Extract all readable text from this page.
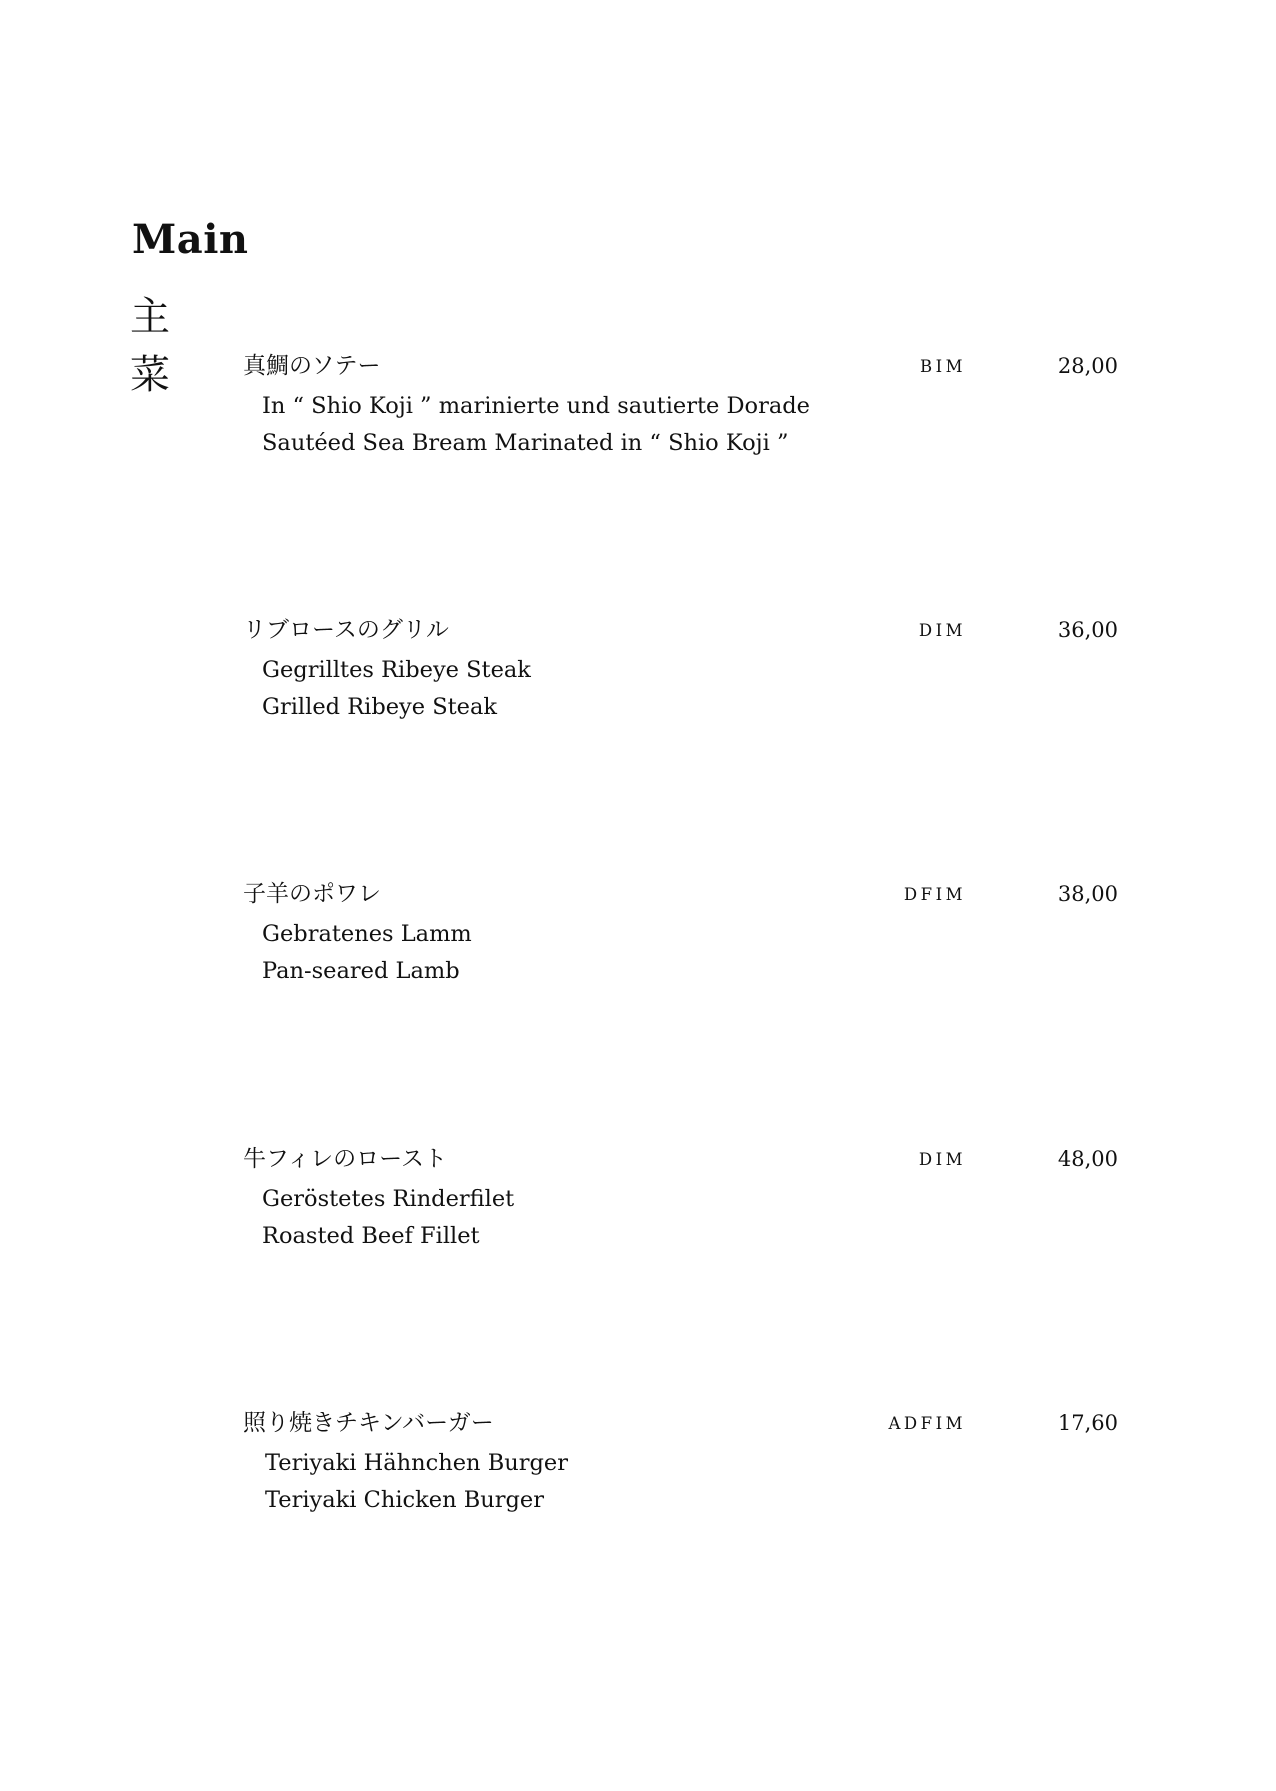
Main
主
菜	真鯛のソテー
In “ Shio Koji ” marinierte und sautierte Dorade
Sautéed Sea Bream Marinated in “ Shio Koji ”
BIM	28,00
リブロースのグリル
Gegrilltes Ribeye Steak
Grilled Ribeye Steak
DIM	36,00
子羊のポワレ
Gebratenes Lamm
Pan-seared Lamb
DFIM	38,00
牛フィレのロースト
Geröstetes Rinderfilet
Roasted Beef Fillet
DIM	48,00
照り焼きチキンバーガー
Teriyaki Hähnchen Burger
Teriyaki Chicken Burger
ADFIM	17,60
